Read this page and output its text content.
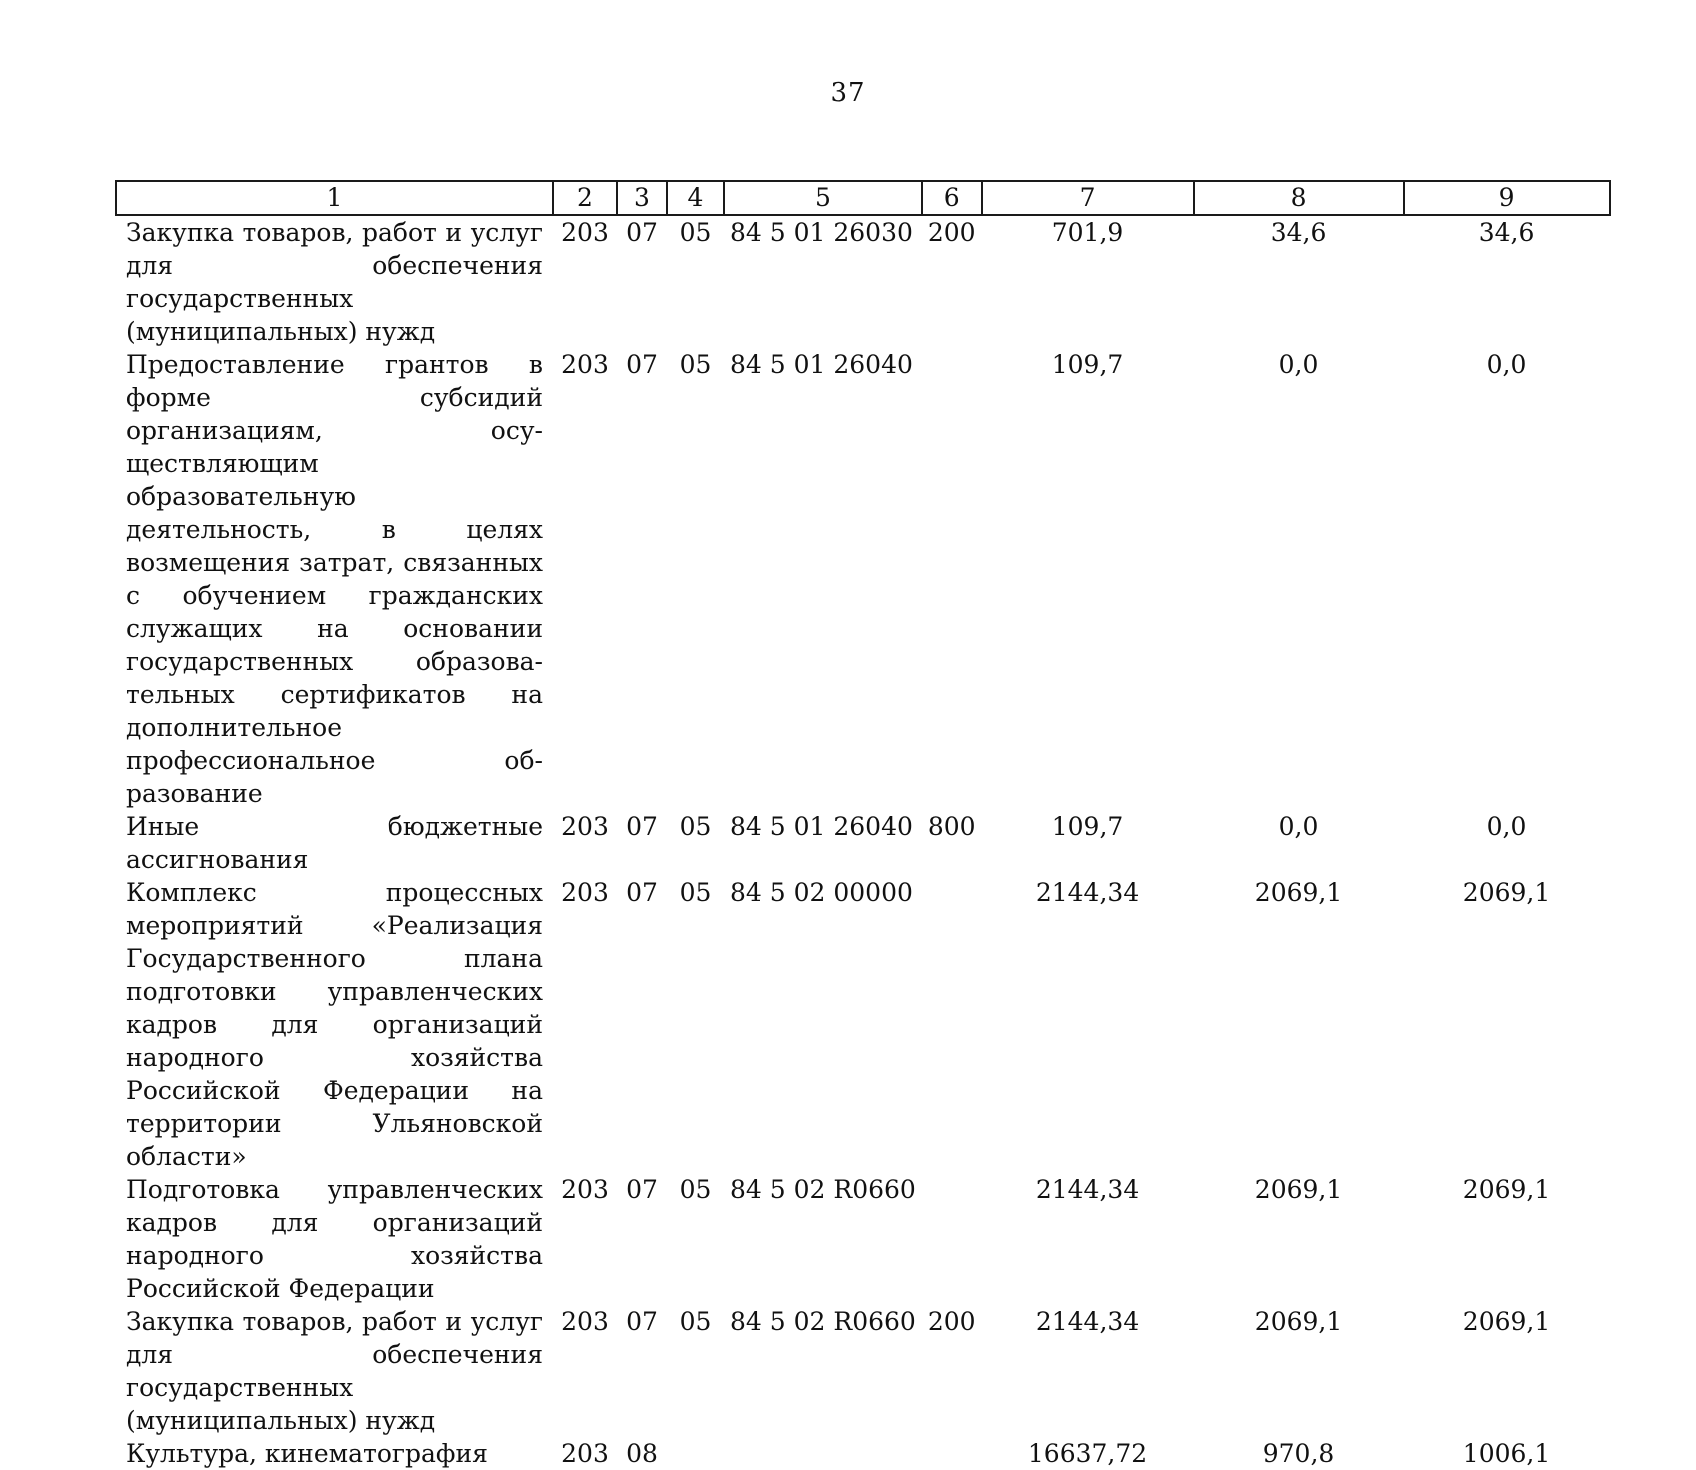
37
1	2	3	4	5	6	7	8	9
Закупка товаров, работ и услуг для обеспечения государственных (муниципальных) нужд	203	07	05	84 5 01 26030	200	701,9	34,6	34,6
Предоставление грантов в форме субсидий организациям, осуществляющим образовательную деятельность, в целях возмещения затрат, связанных с обучением гражданских служащих на основании государственных образовательных сертификатов на дополнительное профессиональное образование	203	07	05	84 5 01 26040		109,7	0,0	0,0
Иные бюджетные ассигнования	203	07	05	84 5 01 26040	800	109,7	0,0	0,0
Комплекс процессных мероприятий «Реализация Государственного плана подготовки управленческих кадров для организаций народного хозяйства Российской Федерации на территории Ульяновской области»	203	07	05	84 5 02 00000		2144,34	2069,1	2069,1
Подготовка управленческих кадров для организаций народного хозяйства Российской Федерации	203	07	05	84 5 02 R0660		2144,34	2069,1	2069,1
Закупка товаров, работ и услуг для обеспечения государственных (муниципальных) нужд	203	07	05	84 5 02 R0660	200	2144,34	2069,1	2069,1
Культура, кинематография	203	08				16637,72	970,8	1006,1
